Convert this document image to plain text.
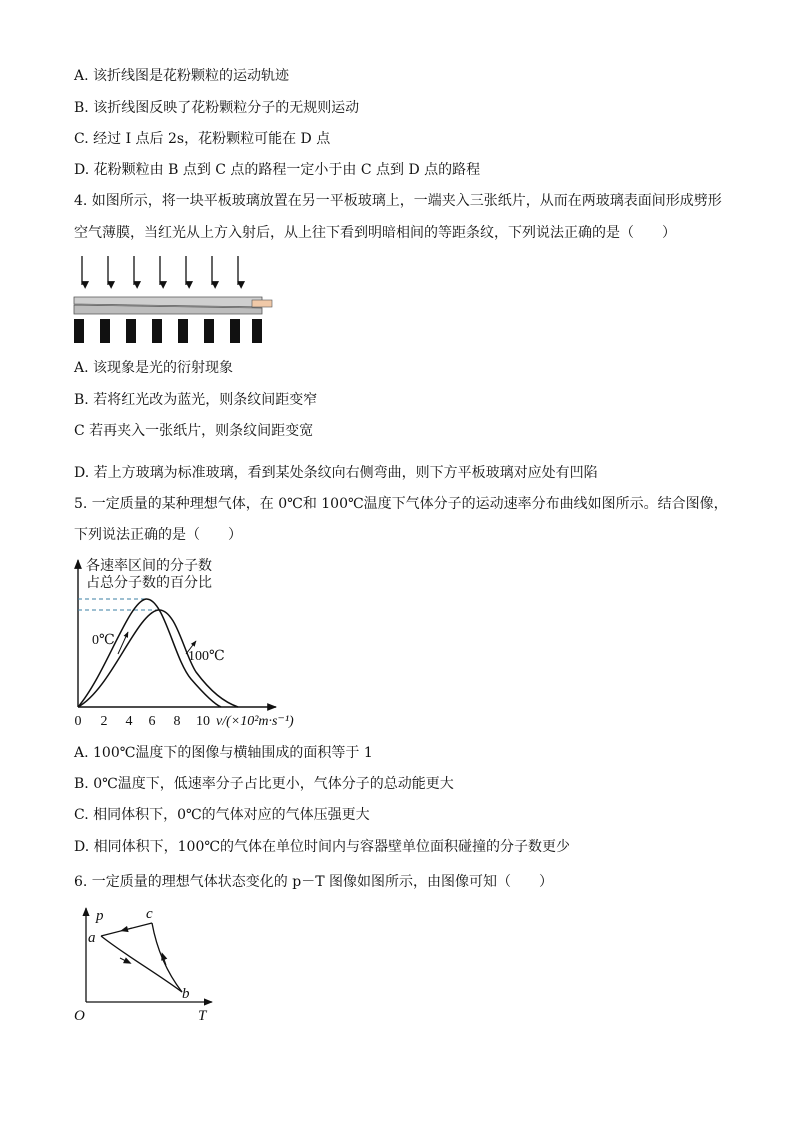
A. 该折线图是花粉颗粒的运动轨迹
B. 该折线图反映了花粉颗粒分子的无规则运动
C. 经过 I 点后 2s，花粉颗粒可能在 D 点
D. 花粉颗粒由 B 点到 C 点的路程一定小于由 C 点到 D 点的路程
4. 如图所示，将一块平板玻璃放置在另一平板玻璃上，一端夹入三张纸片，从而在两玻璃表面间形成劈形
空气薄膜，当红光从上方入射后，从上往下看到明暗相间的等距条纹，下列说法正确的是（　　）
A. 该现象是光的衍射现象
B. 若将红光改为蓝光，则条纹间距变窄
C 若再夹入一张纸片，则条纹间距变宽
D. 若上方玻璃为标准玻璃，看到某处条纹向右侧弯曲，则下方平板玻璃对应处有凹陷
5. 一定质量的某种理想气体，在 0℃和 100℃温度下气体分子的运动速率分布曲线如图所示。结合图像，
下列说法正确的是（　　）
各速率区间的分子数
占总分子数的百分比
0℃
100℃
0 2 4 6 8 10 v/(×10²m·s⁻¹)
A. 100℃温度下的图像与横轴围成的面积等于 1
B. 0℃温度下，低速率分子占比更小，气体分子的总动能更大
C. 相同体积下，0℃的气体对应的气体压强更大
D. 相同体积下，100℃的气体在单位时间内与容器壁单位面积碰撞的分子数更少
6. 一定质量的理想气体状态变化的 p－T 图像如图所示，由图像可知（　　）
p
T
O
a
b
c
